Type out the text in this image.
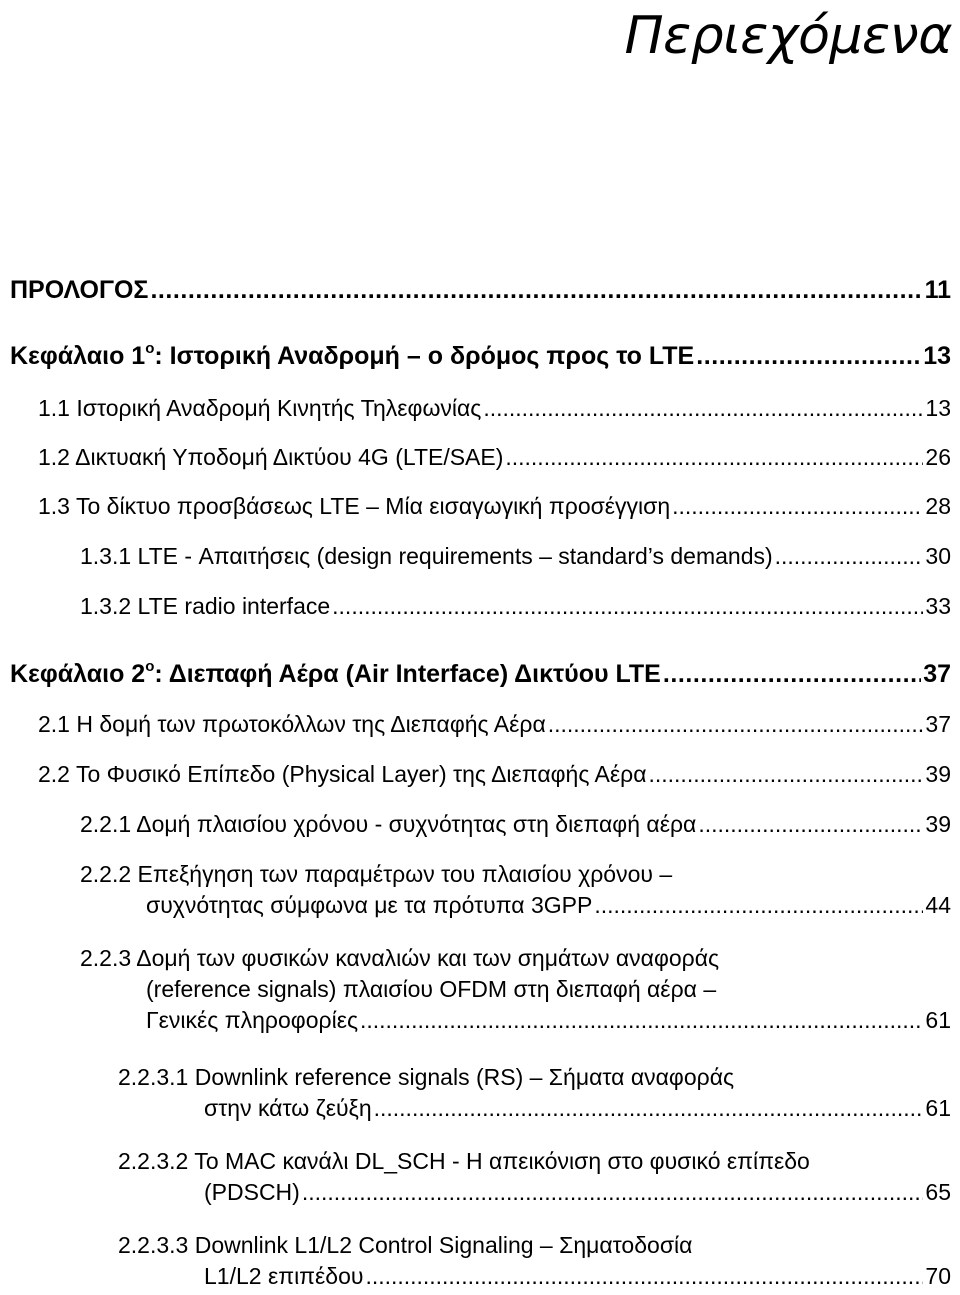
Περιεχόμενα
ΠΡΟΛΟΓΟΣ . . .	11
Κεφάλαιο $1^o$: Ιστορική Αναδρομή – ο δρόμος προς το LTE . . .	13
1.1 Ιστορική Αναδρομή Κινητής Τηλεφωνίας . . .	13
1.2 Δικτυακή Υποδομή Δικτύου 4G (LTE/SAE) . . .	26
1.3 Το δίκτυο προσβάσεως LTE – Μία εισαγωγική προσέγγιση . . .	28
1.3.1 LTE - Απαιτήσεις (design requirements – standard’s demands) . . .	30
1.3.2 LTE radio interface . . .	33
Κεφάλαιο $2^o$: Διεπαφή Αέρα (Air Interface) Δικτύου LTE . . .	37
2.1 Η δομή των πρωτοκόλλων της Διεπαφής Αέρα . . .	37
2.2 Το Φυσικό Επίπεδο (Physical Layer) της Διεπαφής Αέρα . . .	39
2.2.1 Δομή πλαισίου χρόνου - συχνότητας στη διεπαφή αέρα . . .	39
2.2.2 Επεξήγηση των παραμέτρων του πλαισίου χρόνου –
συχνότητας σύμφωνα με τα πρότυπα 3GPP . . .	44
2.2.3 Δομή των φυσικών καναλιών και των σημάτων αναφοράς
(reference signals) πλαισίου OFDM στη διεπαφή αέρα –
Γενικές πληροφορίες . . .	61
2.2.3.1 Downlink reference signals (RS) – Σήματα αναφοράς
στην κάτω ζεύξη . . .	61
2.2.3.2 Το MAC κανάλι DL_SCH - Η απεικόνιση στο φυσικό επίπεδο
(PDSCH) . . .	65
2.2.3.3 Downlink L1/L2 Control Signaling – Σηματοδοσία
L1/L2 επιπέδου . . .	70
